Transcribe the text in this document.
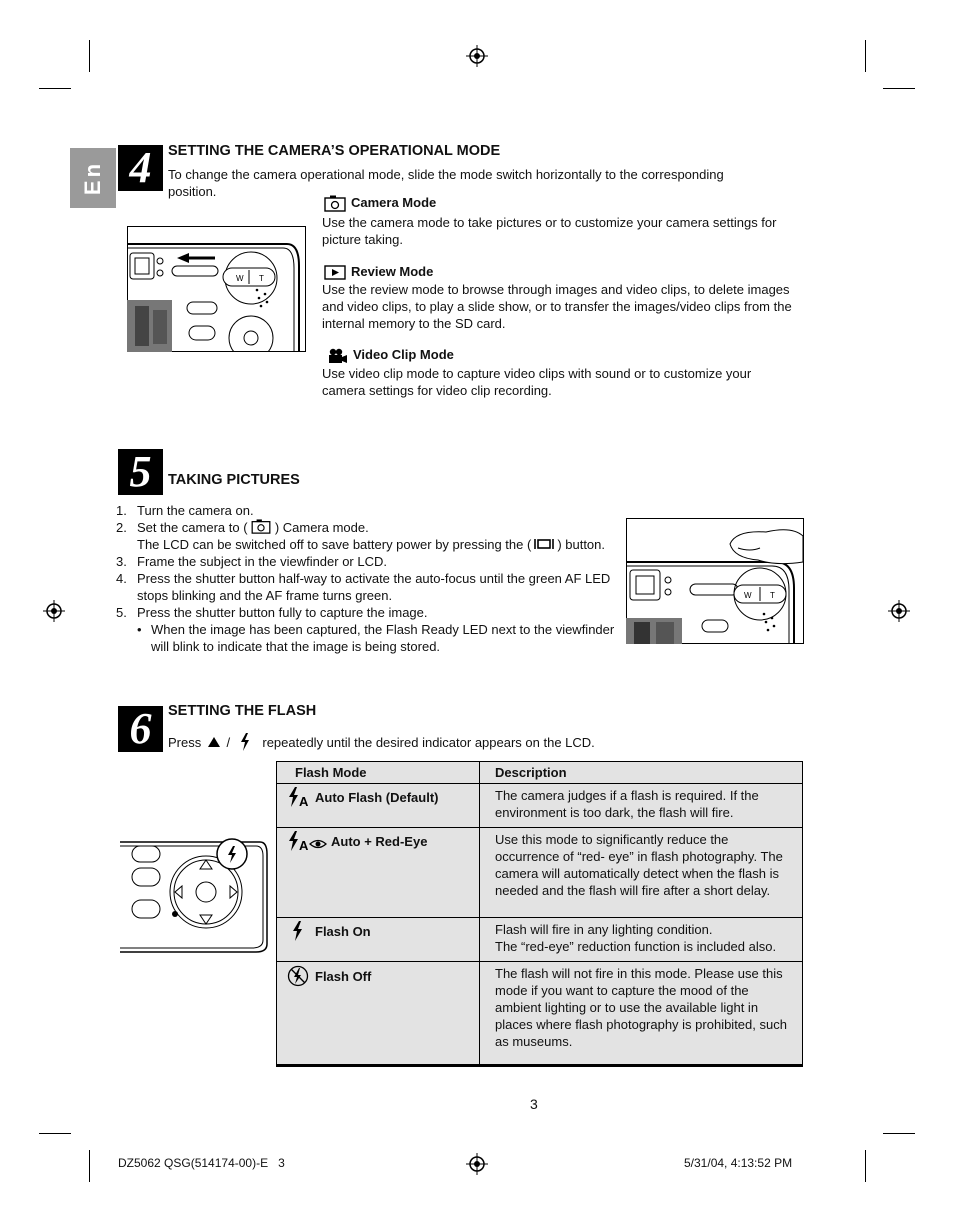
En 4	SETTING THE CAMERA’S OPERATIONAL MODE
To change the camera operational mode, slide the mode switch horizontally to the corresponding position.
W T
Camera Mode
Use the camera mode to take pictures or to customize your camera settings for picture taking.
Review Mode
Use the review mode to browse through images and video clips, to delete images and video clips, to play a slide show, or to transfer the images/video clips from the internal memory to the SD card.
Video Clip Mode
Use video clip mode to capture video clips with sound or to customize your camera settings for video clip recording.
5	TAKING PICTURES
1. Turn the camera on.
2. Set the camera to ( ) Camera mode.
The LCD can be switched off to save battery power by pressing the ( ) button.
3. Frame the subject in the viewfinder or LCD.
4. Press the shutter button half-way to activate the auto-focus until the green AF LED stops blinking and the AF frame turns green.
5. Press the shutter button fully to capture the image.
• When the image has been captured, the Flash Ready LED next to the viewfinder will blink to indicate that the image is being stored.
W T
6	SETTING THE FLASH
Press / repeatedly until the desired indicator appears on the LCD.
Flash Mode	Description

A Auto Flash (Default)	The camera judges if a flash is required. If the environment is too dark, the flash will fire.

A Auto + Red-Eye	Use this mode to significantly reduce the occurrence of “red- eye” in flash photography. The camera will automatically detect when the flash is needed and the flash will fire after a short delay.
Flash On	Flash will fire in any lighting condition.
The “red-eye” reduction function is included also.
Flash Off	The flash will not fire in this mode. Please use this mode if you want to capture the mood of the ambient lighting or to use the available light in places where flash photography is prohibited, such as museums.
3
DZ5062 QSG(514174-00)-E   3	5/31/04, 4:13:52 PM
